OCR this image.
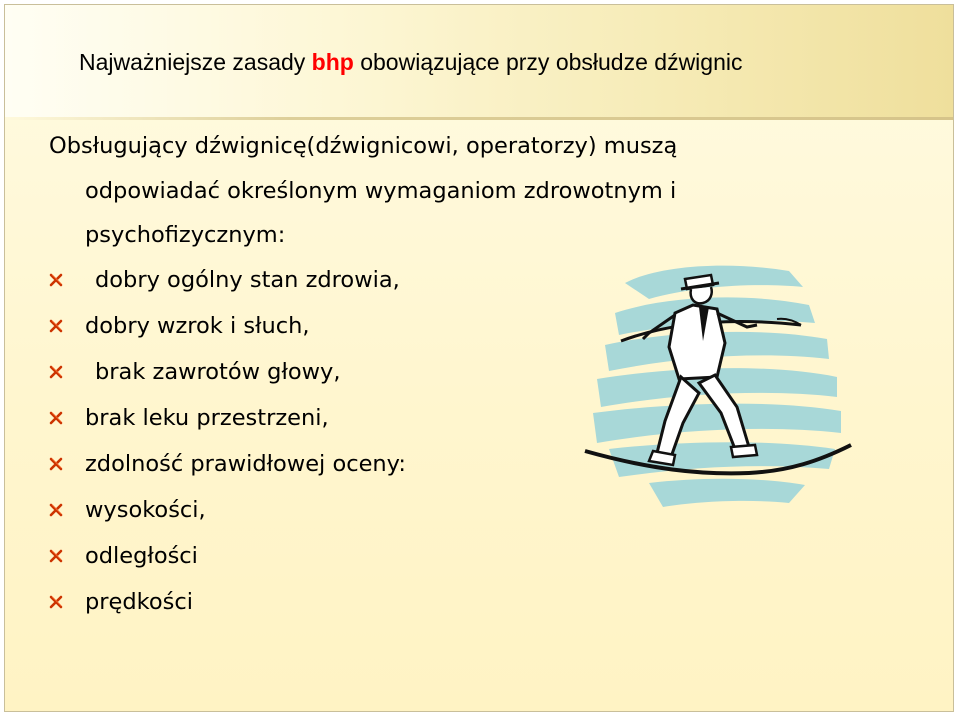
Najważniejsze zasady bhp obowiązujące przy obsłudze dźwignic

Obsługujący dźwignicę(dźwignicowi, operatorzy) muszą

odpowiadać określonym wymaganiom zdrowotnym i

psychofizycznym:

dobry ogólny stan zdrowia,
dobry wzrok i słuch,
brak zawrotów głowy,
brak leku przestrzeni,
zdolność prawidłowej oceny:
wysokości,
odległości
prędkości
